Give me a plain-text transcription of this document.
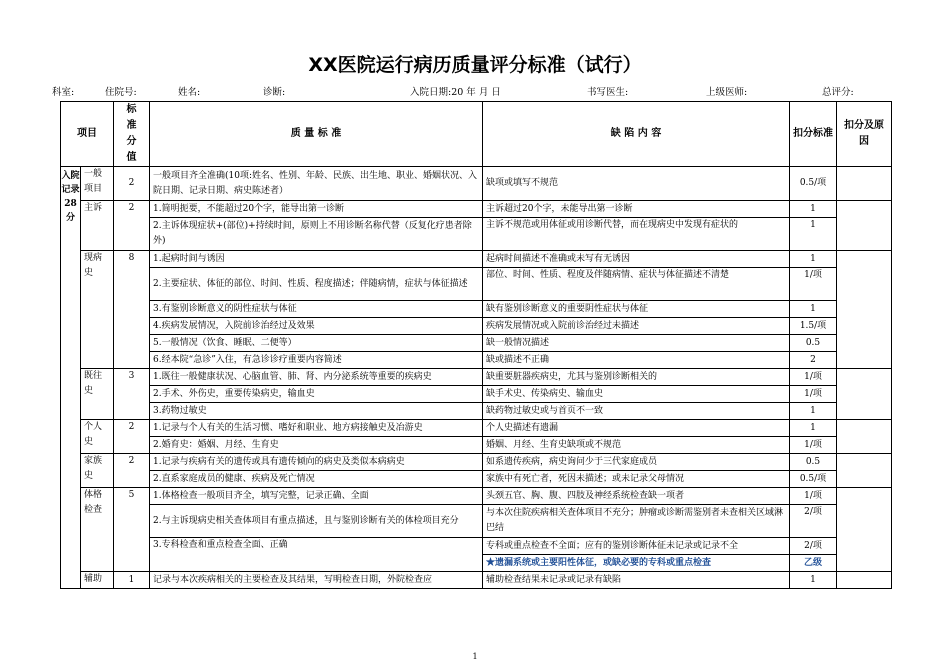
XX医院运行病历质量评分标准（试行）
科室:	住院号:	姓名:	诊断:	入院日期:20 年 月 日	书写医生:	上级医师:	总评分:
项目		标准分值	质 量 标 准	缺 陷 内 容	扣分标准	扣分及原因
入院记录28分	一般项目	2	一般项目齐全准确(10项:姓名、性别、年龄、民族、出生地、职业、婚姻状况、入院日期、记录日期、病史陈述者）	缺项或填写不规范	0.5/项	
	主诉	2	1.简明扼要，不能超过20个字，能导出第一诊断	主诉超过20个字，未能导出第一诊断	1	
			2.主诉体现症状+(部位)+持续时间，原则上不用诊断名称代替（反复化疗患者除外)	主诉不规范或用体征或用诊断代替，而在现病史中发现有症状的	1	
	现病史	8	1.起病时间与诱因	起病时间描述不准确或未写有无诱因	1	
			2.主要症状、体征的部位、时间、性质、程度描述；伴随病情，症状与体征描述	部位、时间、性质、程度及伴随病情、症状与体征描述不清楚	1/项	
			3.有鉴别诊断意义的阴性症状与体征	缺有鉴别诊断意义的重要阴性症状与体征	1	
			4.疾病发展情况，入院前诊治经过及效果	疾病发展情况或入院前诊治经过未描述	1.5/项	
			5.一般情况（饮食、睡眠、二便等）	缺一般情况描述	0.5	
			6.经本院“急诊”入住，有急诊诊疗重要内容简述	缺或描述不正确	2	
	既往史	3	1.既往一般健康状况、心脑血管、肺、肾、内分泌系统等重要的疾病史	缺重要脏器疾病史，尤其与鉴别诊断相关的	1/项	
			2.手术、外伤史，重要传染病史，输血史	缺手术史、传染病史、输血史	1/项	
			3.药物过敏史	缺药物过敏史或与首页不一致	1	
	个人史	2	1.记录与个人有关的生活习惯、嗜好和职业、地方病接触史及冶游史	个人史描述有遗漏	1	
			2.婚育史：婚姻、月经、生育史	婚姻、月经、生育史缺项或不规范	1/项	
	家族史	2	1.记录与疾病有关的遗传或具有遗传倾向的病史及类似本病病史	如系遗传疾病，病史询问少于三代家庭成员	0.5	
			2.直系家庭成员的健康、疾病及死亡情况	家族中有死亡者，死因未描述；或未记录父母情况	0.5/项	
	体格检查	5	1.体格检查一般项目齐全，填写完整，记录正确、全面	头颈五官、胸、腹、四肢及神经系统检查缺一项者	1/项	
			2.与主诉现病史相关查体项目有重点描述，且与鉴别诊断有关的体检项目充分	与本次住院疾病相关查体项目不充分；肿瘤或诊断需鉴别者未查相关区域淋巴结	2/项	
			3.专科检查和重点检查全面、正确	专科或重点检查不全面；应有的鉴别诊断体征未记录或记录不全	2/项	
				★遗漏系统或主要阳性体征，或缺必要的专科或重点检查	乙级	
	辅助	1	记录与本次疾病相关的主要检查及其结果，写明检查日期，外院检查应	辅助检查结果未记录或记录有缺陷	1	
1
